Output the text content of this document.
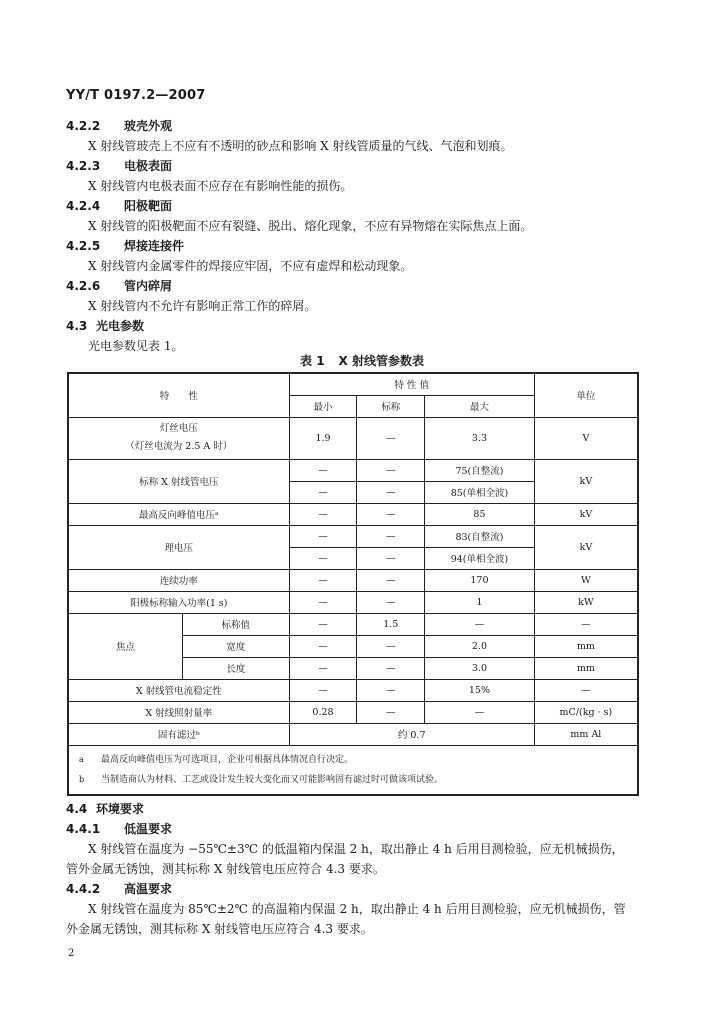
YY/T 0197.2—2007
4.2.2 玻壳外观
X 射线管玻壳上不应有不透明的砂点和影响 X 射线管质量的气线、气泡和划痕。
4.2.3 电极表面
X 射线管内电极表面不应存在有影响性能的损伤。
4.2.4 阳极靶面
X 射线管的阳极靶面不应有裂缝、脱出、熔化现象，不应有异物熔在实际焦点上面。
4.2.5 焊接连接件
X 射线管内金属零件的焊接应牢固，不应有虚焊和松动现象。
4.2.6 管内碎屑
X 射线管内不允许有影响正常工作的碎屑。
4.3 光电参数
光电参数见表 1。
表 1 X 射线管参数表
特　　性		特 性 值			单位
		最小	标称	最大	
灯丝电压
（灯丝电流为 2.5 A 时）		1.9	—	3.3	V
标称 X 射线管电压		—	—	75(自整流)	kV
		—	—	85(单相全波)	
最高反向峰值电压ᵃ		—	—	85	kV
理电压		—	—	83(自整流)	kV
		—	—	94(单相全波)	
连续功率		—	—	170	W
阳极标称输入功率(1 s)		—	—	1	kW
焦点	标称值	—	1.5	—	—
	宽度	—	—	2.0	mm
	长度	—	—	3.0	mm
X 射线管电流稳定性		—	—	15%	—
X 射线照射量率		0.28	—	—	mC/(kg · s)
固有滤过ᵇ		约 0.7			mm Al

a 最高反向峰值电压为可选项目，企业可根据具体情况自行决定。
b 当制造商认为材料、工艺或设计发生较大变化而又可能影响固有滤过时可做该项试验。					
4.4 环境要求
4.4.1 低温要求
X 射线管在温度为 −55℃±3℃ 的低温箱内保温 2 h，取出静止 4 h 后用目测检验，应无机械损伤，
管外金属无锈蚀，测其标称 X 射线管电压应符合 4.3 要求。
4.4.2 高温要求
X 射线管在温度为 85℃±2℃ 的高温箱内保温 2 h，取出静止 4 h 后用目测检验，应无机械损伤，管
外金属无锈蚀，测其标称 X 射线管电压应符合 4.3 要求。
2
